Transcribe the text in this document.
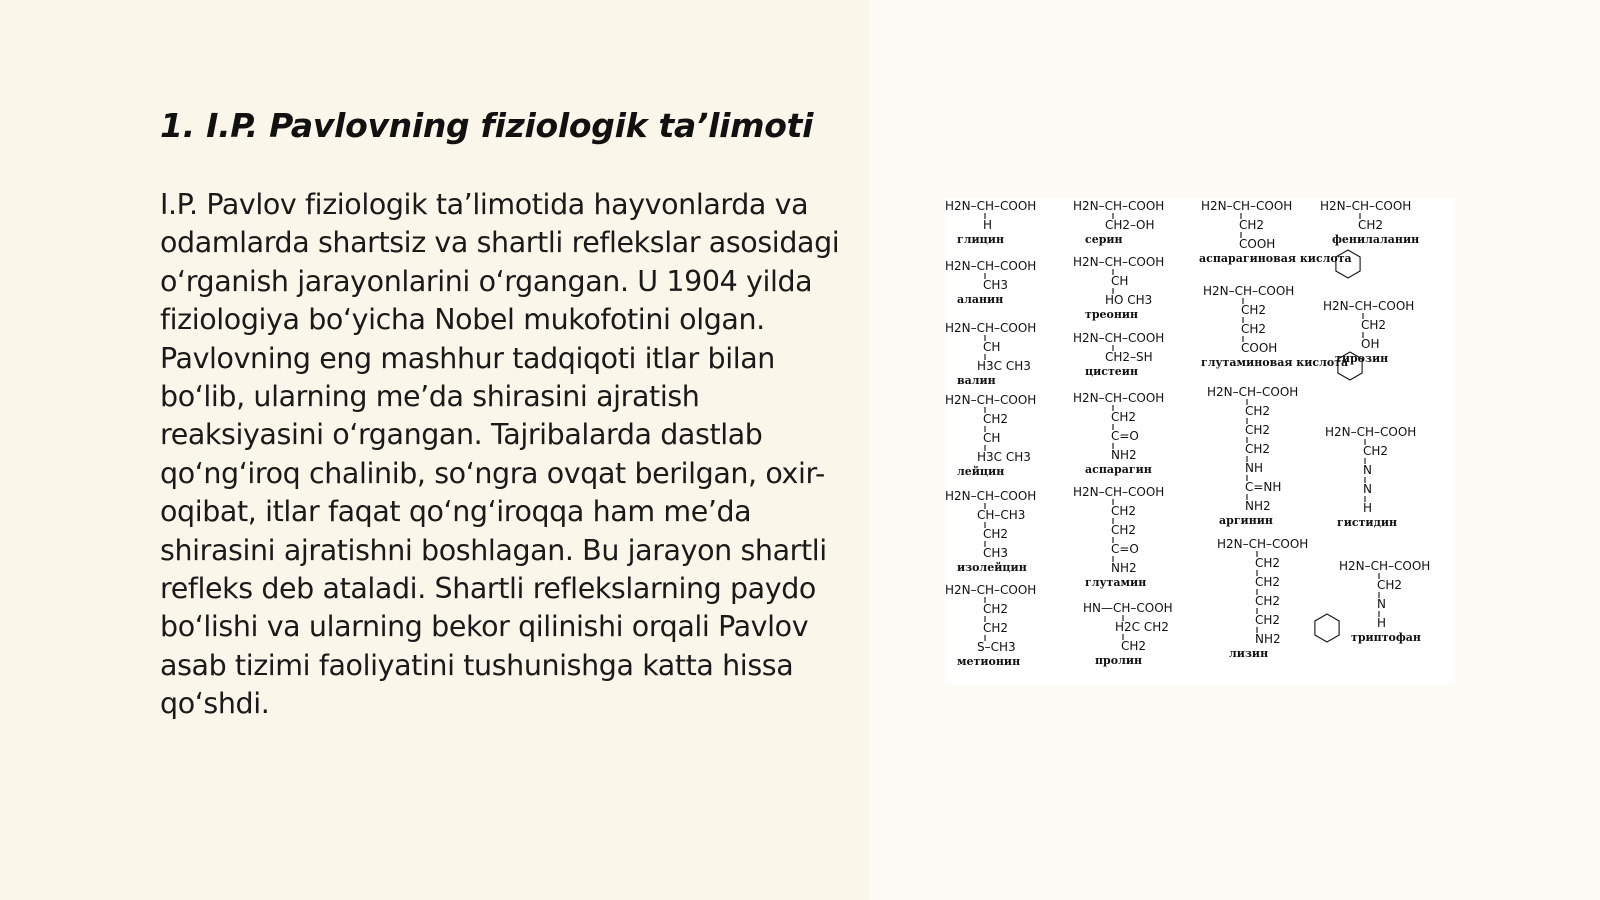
1. I.P. Pavlovning fiziologik ta’limoti

I.P. Pavlov fiziologik ta’limotida hayvonlarda va odamlarda shartsiz va shartli reflekslar asosidagi o‘rganish jarayonlarini o‘rgangan. U 1904 yilda fiziologiya bo‘yicha Nobel mukofotini olgan. Pavlovning eng mashhur tadqiqoti itlar bilan bo‘lib, ularning me’da shirasini ajratish reaksiyasini o‘rgangan. Tajribalarda dastlab qo‘ng‘iroq chalinib, so‘ngra ovqat berilgan, oxir-oqibat, itlar faqat qo‘ng‘iroqqa ham me’da shirasini ajratishni boshlagan. Bu jarayon shartli refleks deb ataladi. Shartli reflekslarning paydo bo‘lishi va ularning bekor qilinishi orqali Pavlov asab tizimi faoliyatini tushunishga katta hissa qo‘shdi.

H2N–CH–COOH
H
глицин
H2N–CH–COOH
CH3
аланин
H2N–CH–COOH
CH
H3C CH3
валин
H2N–CH–COOH
CH2
CH
H3C CH3
лейцин
H2N–CH–COOH
CH–CH3
CH2
CH3
изолейцин
H2N–CH–COOH
CH2
CH2
S–CH3
метионин
H2N–CH–COOH
CH2–OH
серин
H2N–CH–COOH
CH
HO CH3
треонин
H2N–CH–COOH
CH2–SH
цистеин
H2N–CH–COOH
CH2
C=O
NH2
аспарагин
H2N–CH–COOH
CH2
CH2
C=O
NH2
глутамин
HN—CH–COOH
H2C CH2
CH2
пролин
H2N–CH–COOH
CH2
COOH
аспарагиновая кислота
H2N–CH–COOH
CH2
CH2
COOH
глутаминовая кислота
H2N–CH–COOH
CH2
CH2
CH2
NH
C=NH
NH2
аргинин
H2N–CH–COOH
CH2
CH2
CH2
CH2
NH2
лизин
H2N–CH–COOH
CH2
фенилаланин
H2N–CH–COOH
CH2
OH
тирозин
H2N–CH–COOH
CH2
N
N
H
гистидин
H2N–CH–COOH
CH2
N
H
триптофан
